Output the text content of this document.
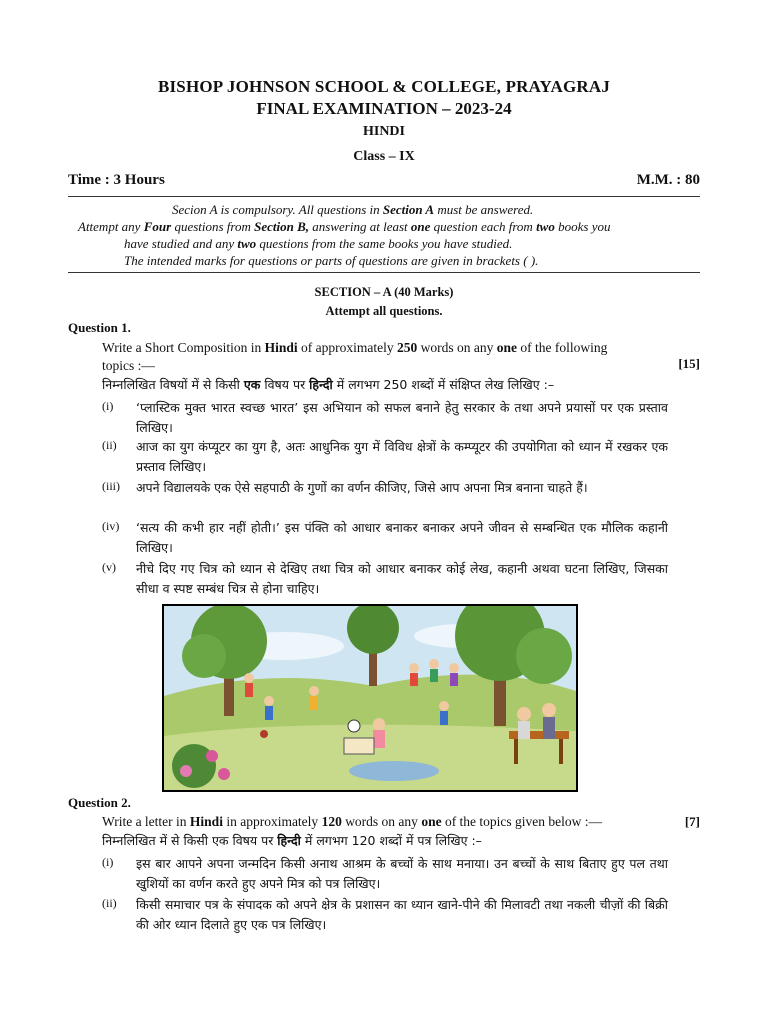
BISHOP JOHNSON SCHOOL & COLLEGE, PRAYAGRAJ
FINAL EXAMINATION – 2023-24
HINDI
Class – IX
Time : 3 Hours	M.M. : 80

Secion A is compulsory. All questions in Section A must be answered.

Attempt any Four questions from Section B, answering at least one question each from two books you

have studied and any two questions from the same books you have studied.

The intended marks for questions or parts of questions are given in brackets ( ).

SECTION – A (40 Marks)
Attempt all questions.
Question 1.
Write a Short Composition in Hindi of approximately 250 words on any one of the following
topics :—	[15]
निम्नलिखित विषयों में से किसी एक विषय पर हिन्दी में लगभग 250 शब्दों में संक्षिप्त लेख लिखिए :–
(i)	‘प्लास्टिक मुक्त भारत स्वच्छ भारत’ इस अभियान को सफल बनाने हेतु सरकार के तथा अपने प्रयासों पर एक प्रस्ताव लिखिए।
(ii)	आज का युग कंप्यूटर का युग है, अतः आधुनिक युग में विविध क्षेत्रों के कम्प्यूटर की उपयोगिता को ध्यान में रखकर एक प्रस्ताव लिखिए।
(iii)	अपने विद्यालयके एक ऐसे सहपाठी के गुणों का वर्णन कीजिए, जिसे आप अपना मित्र बनाना चाहते हैं।
(iv)	‘सत्य की कभी हार नहीं होती।’ इस पंक्ति को आधार बनाकर बनाकर अपने जीवन से सम्बन्धित एक मौलिक कहानी लिखिए।
(v)	नीचे दिए गए चित्र को ध्यान से देखिए तथा चित्र को आधार बनाकर कोई लेख, कहानी अथवा घटना लिखिए, जिसका सीधा व स्पष्ट सम्बंध चित्र से होना चाहिए।
Question 2.
Write a letter in Hindi in approximately 120 words on any one of the topics given below :—	[7]
निम्नलिखित में से किसी एक विषय पर हिन्दी में लगभग 120 शब्दों में पत्र लिखिए :–
(i)	इस बार आपने अपना जन्मदिन किसी अनाथ आश्रम के बच्चों के साथ मनाया। उन बच्चों के साथ बिताए हुए पल तथा खुशियों का वर्णन करते हुए अपने मित्र को पत्र लिखिए।
(ii)	किसी समाचार पत्र के संपादक को अपने क्षेत्र के प्रशासन का ध्यान खाने-पीने की मिलावटी तथा नकली चीज़ों की बिक्री की ओर ध्यान दिलाते हुए एक पत्र लिखिए।
